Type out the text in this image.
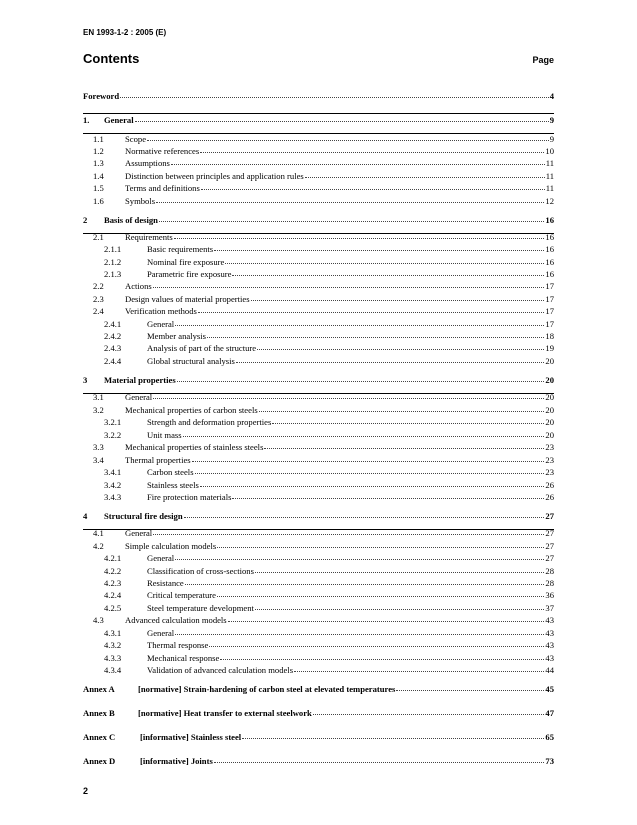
EN 1993-1-2 : 2005 (E)
Contents	Page
Foreword	4
1.	General	9
1.1	Scope	9
1.2	Normative references	10
1.3	Assumptions	11
1.4	Distinction between principles and application rules	11
1.5	Terms and definitions	11
1.6	Symbols	12
2	Basis of design	16
2.1	Requirements	16
2.1.1	Basic requirements	16
2.1.2	Nominal fire exposure	16
2.1.3	Parametric fire exposure	16
2.2	Actions	17
2.3	Design values of material properties	17
2.4	Verification methods	17
2.4.1	General	17
2.4.2	Member analysis	18
2.4.3	Analysis of part of the structure	19
2.4.4	Global structural analysis	20
3	Material properties	20
3.1	General	20
3.2	Mechanical properties of carbon steels	20
3.2.1	Strength and deformation properties	20
3.2.2	Unit mass	20
3.3	Mechanical properties of stainless steels	23
3.4	Thermal properties	23
3.4.1	Carbon steels	23
3.4.2	Stainless steels	26
3.4.3	Fire protection materials	26
4	Structural fire design	27
4.1	General	27
4.2	Simple calculation models	27
4.2.1	General	27
4.2.2	Classification of cross-sections	28
4.2.3	Resistance	28
4.2.4	Critical temperature	36
4.2.5	Steel temperature development	37
4.3	Advanced calculation models	43
4.3.1	General	43
4.3.2	Thermal response	43
4.3.3	Mechanical response	43
4.3.4	Validation of advanced calculation models	44
Annex A	[normative] Strain-hardening of carbon steel at elevated temperatures	45
Annex B	[normative] Heat transfer to external steelwork	47
Annex C	[informative] Stainless steel	65
Annex D	[informative] Joints	73
2
